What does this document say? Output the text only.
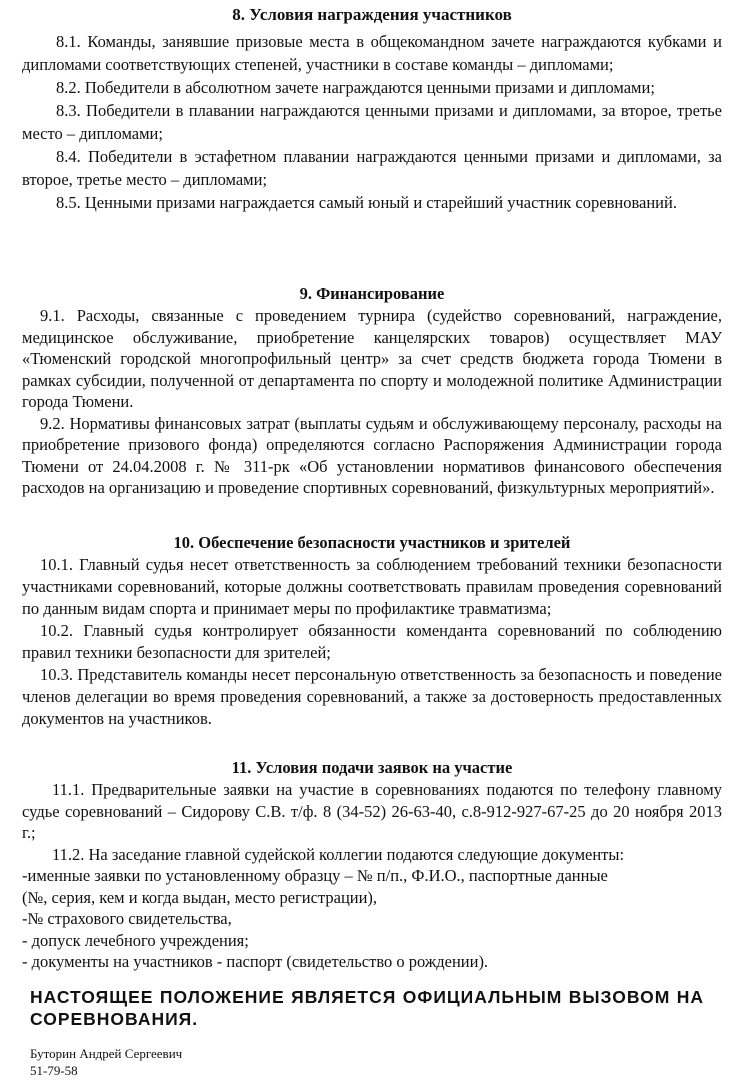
8. Условия награждения участников

8.1. Команды, занявшие призовые места в общекомандном зачете награждаются кубками и дипломами соответствующих степеней, участники в составе команды – дипломами;

8.2. Победители в абсолютном зачете награждаются ценными призами и дипломами;

8.3. Победители в плавании награждаются ценными призами и дипломами, за второе, третье место – дипломами;

8.4. Победители в эстафетном плавании награждаются ценными призами и дипломами, за второе, третье место – дипломами;

8.5. Ценными призами награждается самый юный и старейший участник соревнований.

9. Финансирование

9.1. Расходы, связанные с проведением турнира (судейство соревнований, награждение, медицинское обслуживание, приобретение канцелярских товаров) осуществляет МАУ «Тюменский городской многопрофильный центр» за счет средств бюджета города Тюмени в рамках субсидии, полученной от департамента по спорту и молодежной политике Администрации города Тюмени.

9.2. Нормативы финансовых затрат (выплаты судьям и обслуживающему персоналу, расходы на приобретение призового фонда) определяются согласно Распоряжения Администрации города Тюмени от 24.04.2008 г. № 311-рк «Об установлении нормативов финансового обеспечения расходов на организацию и проведение спортивных соревнований, физкультурных мероприятий».

10. Обеспечение безопасности участников и зрителей

10.1. Главный судья несет ответственность за соблюдением требований техники безопасности участниками соревнований, которые должны соответствовать правилам проведения соревнований по данным видам спорта и принимает меры по профилактике травматизма;

10.2. Главный судья контролирует обязанности коменданта соревнований по соблюдению правил техники безопасности для зрителей;

10.3. Представитель команды несет персональную ответственность за безопасность и поведение членов делегации во время проведения соревнований, а также за достоверность предоставленных документов на участников.

11. Условия подачи заявок на участие

11.1. Предварительные заявки на участие в соревнованиях подаются по телефону главному судье соревнований – Сидорову С.В. т/ф. 8 (34-52) 26-63-40, с.8-912-927-67-25 до 20 ноября 2013 г.;

11.2. На заседание главной судейской коллегии подаются следующие документы:

-именные заявки по установленному образцу – № п/п., Ф.И.О., паспортные данные

(№, серия, кем и когда выдан, место регистрации),

-№ страхового свидетельства,

- допуск лечебного учреждения;

- документы на участников - паспорт (свидетельство о рождении).

НАСТОЯЩЕЕ ПОЛОЖЕНИЕ ЯВЛЯЕТСЯ ОФИЦИАЛЬНЫМ ВЫЗОВОМ НА СОРЕВНОВАНИЯ.
Буторин Андрей Сергеевич
51-79-58
